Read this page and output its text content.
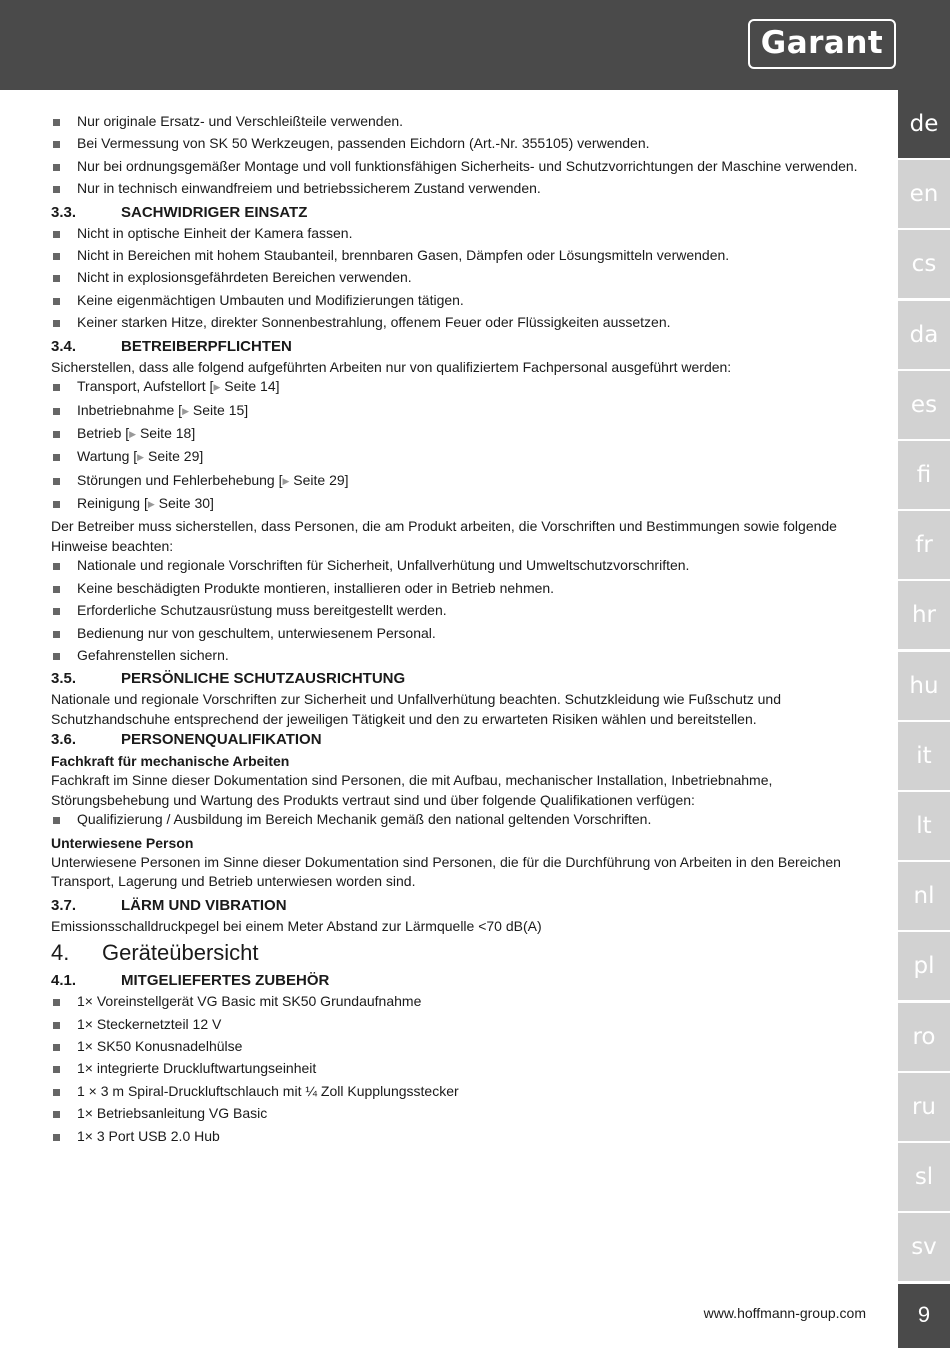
Garant
de
en
cs
da
es
fi
fr
hr
hu
it
lt
nl
pl
ro
ru
sl
sv
9
www.hoffmann-group.com
Nur originale Ersatz- und Verschleißteile verwenden.
Bei Vermessung von SK 50 Werkzeugen, passenden Eichdorn (Art.-Nr. 355105) verwenden.
Nur bei ordnungsgemäßer Montage und voll funktionsfähigen Sicherheits- und Schutzvorrichtungen der Maschine verwenden.
Nur in technisch einwandfreiem und betriebssicherem Zustand verwenden.
3.3.	SACHWIDRIGER EINSATZ
Nicht in optische Einheit der Kamera fassen.
Nicht in Bereichen mit hohem Staubanteil, brennbaren Gasen, Dämpfen oder Lösungsmitteln verwenden.
Nicht in explosionsgefährdeten Bereichen verwenden.
Keine eigenmächtigen Umbauten und Modifizierungen tätigen.
Keiner starken Hitze, direkter Sonnenbestrahlung, offenem Feuer oder Flüssigkeiten aussetzen.
3.4.	BETREIBERPFLICHTEN

Sicherstellen, dass alle folgend aufgeführten Arbeiten nur von qualifiziertem Fachpersonal ausgeführt werden:

Transport, Aufstellort [▶ Seite 14]
Inbetriebnahme [▶ Seite 15]
Betrieb [▶ Seite 18]
Wartung [▶ Seite 29]
Störungen und Fehlerbehebung [▶ Seite 29]
Reinigung [▶ Seite 30]

Der Betreiber muss sicherstellen, dass Personen, die am Produkt arbeiten, die Vorschriften und Bestimmungen sowie folgende Hinweise beachten:

Nationale und regionale Vorschriften für Sicherheit, Unfallverhütung und Umweltschutzvorschriften.
Keine beschädigten Produkte montieren, installieren oder in Betrieb nehmen.
Erforderliche Schutzausrüstung muss bereitgestellt werden.
Bedienung nur von geschultem, unterwiesenem Personal.
Gefahrenstellen sichern.
3.5.	PERSÖNLICHE SCHUTZAUSRICHTUNG

Nationale und regionale Vorschriften zur Sicherheit und Unfallverhütung beachten. Schutzkleidung wie Fußschutz und Schutzhandschuhe entsprechend der jeweiligen Tätigkeit und den zu erwarteten Risiken wählen und bereitstellen.

3.6.	PERSONENQUALIFIKATION
Fachkraft für mechanische Arbeiten

Fachkraft im Sinne dieser Dokumentation sind Personen, die mit Aufbau, mechanischer Installation, Inbetriebnahme, Störungsbehebung und Wartung des Produkts vertraut sind und über folgende Qualifikationen verfügen:

Qualifizierung / Ausbildung im Bereich Mechanik gemäß den national geltenden Vorschriften.
Unterwiesene Person

Unterwiesene Personen im Sinne dieser Dokumentation sind Personen, die für die Durchführung von Arbeiten in den Bereichen Transport, Lagerung und Betrieb unterwiesen worden sind.

3.7.	LÄRM UND VIBRATION

Emissionsschalldruckpegel bei einem Meter Abstand zur Lärmquelle <70 dB(A)

4. Geräteübersicht
4.1.	MITGELIEFERTES ZUBEHÖR
1× Voreinstellgerät VG Basic mit SK50 Grundaufnahme
1× Steckernetzteil 12 V
1× SK50 Konusnadelhülse
1× integrierte Druckluftwartungseinheit
1 × 3 m Spiral-Druckluftschlauch mit ¼ Zoll Kupplungsstecker
1× Betriebsanleitung VG Basic
1× 3 Port USB 2.0 Hub
